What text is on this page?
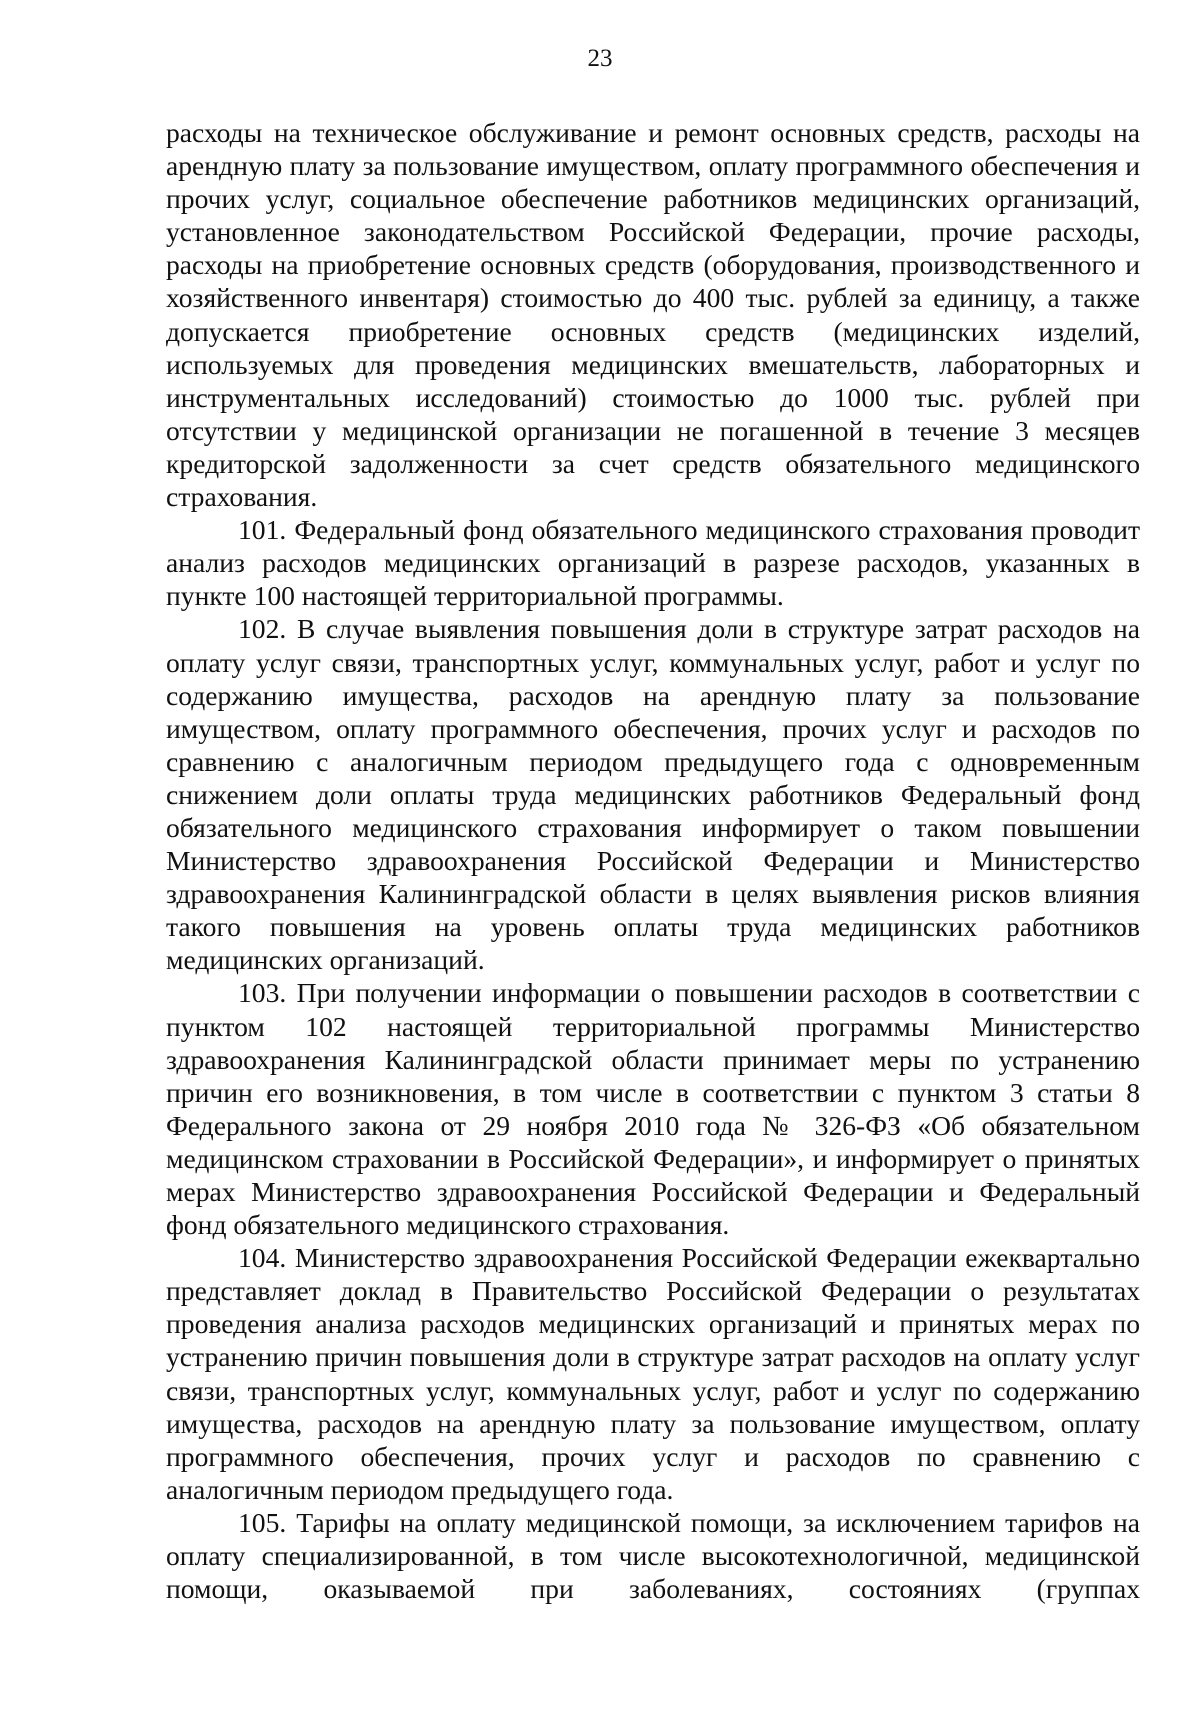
23

расходы на техническое обслуживание и ремонт основных средств, расходы на арендную плату за пользование имуществом, оплату программного обеспечения и прочих услуг, социальное обеспечение работников медицинских организаций, установленное законодательством Российской Федерации, прочие расходы, расходы на приобретение основных средств (оборудования, производственного и хозяйственного инвентаря) стоимостью до 400 тыс. рублей за единицу, а также допускается приобретение основных средств (медицинских изделий, используемых для проведения медицинских вмешательств, лабораторных и инструментальных исследований) стоимостью до 1000 тыс. рублей при отсутствии у медицинской организации не погашенной в течение 3 месяцев кредиторской задолженности за счет средств обязательного медицинского страхования.

101. Федеральный фонд обязательного медицинского страхования проводит анализ расходов медицинских организаций в разрезе расходов, указанных в пункте 100 настоящей территориальной программы.

102. В случае выявления повышения доли в структуре затрат расходов на оплату услуг связи, транспортных услуг, коммунальных услуг, работ и услуг по содержанию имущества, расходов на арендную плату за пользование имуществом, оплату программного обеспечения, прочих услуг и расходов по сравнению с аналогичным периодом предыдущего года с одновременным снижением доли оплаты труда медицинских работников Федеральный фонд обязательного медицинского страхования информирует о таком повышении Министерство здравоохранения Российской Федерации и Министерство здравоохранения Калининградской области в целях выявления рисков влияния такого повышения на уровень оплаты труда медицинских работников медицинских организаций.

103. При получении информации о повышении расходов в соответствии с пунктом 102 настоящей территориальной программы Министерство здравоохранения Калининградской области принимает меры по устранению причин его возникновения, в том числе в соответствии с пунктом 3 статьи 8 Федерального закона от 29 ноября 2010 года № 326-ФЗ «Об обязательном медицинском страховании в Российской Федерации», и информирует о принятых мерах Министерство здравоохранения Российской Федерации и Федеральный фонд обязательного медицинского страхования.

104. Министерство здравоохранения Российской Федерации ежеквартально представляет доклад в Правительство Российской Федерации о результатах проведения анализа расходов медицинских организаций и принятых мерах по устранению причин повышения доли в структуре затрат расходов на оплату услуг связи, транспортных услуг, коммунальных услуг, работ и услуг по содержанию имущества, расходов на арендную плату за пользование имуществом, оплату программного обеспечения, прочих услуг и расходов по сравнению с аналогичным периодом предыдущего года.

105. Тарифы на оплату медицинской помощи, за исключением тарифов на оплату специализированной, в том числе высокотехнологичной, медицинской помощи, оказываемой при заболеваниях, состояниях (группах
